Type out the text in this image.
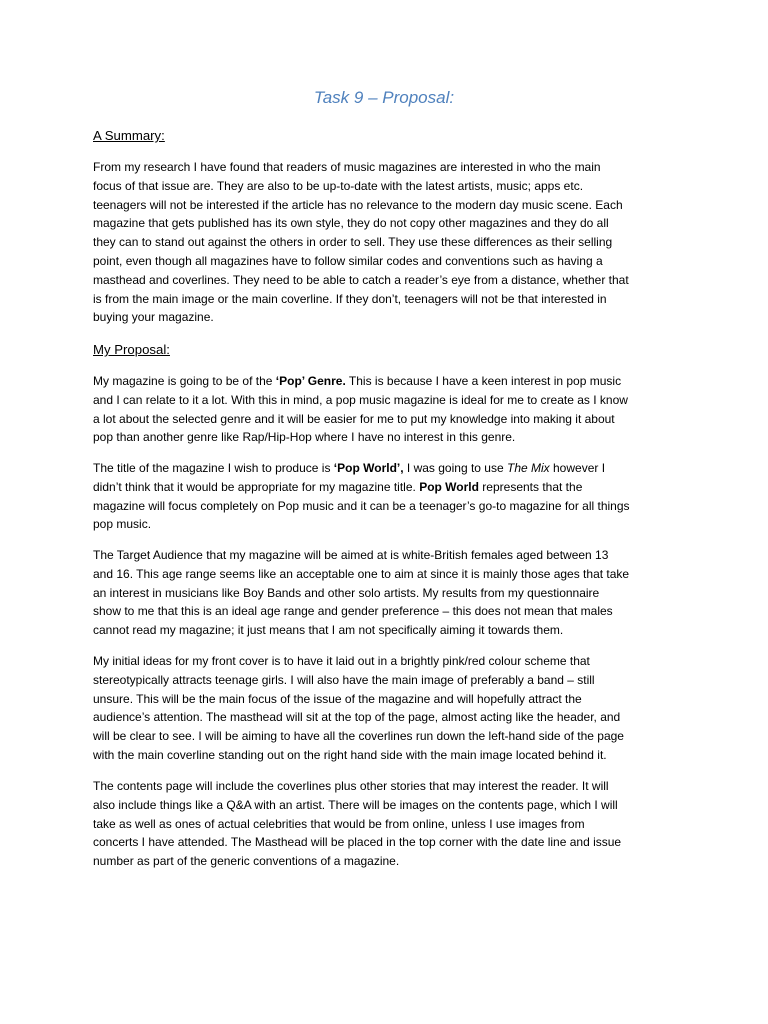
Task 9 – Proposal:
A Summary:
From my research I have found that readers of music magazines are interested in who the main
focus of that issue are. They are also to be up-to-date with the latest artists, music; apps etc.
teenagers will not be interested if the article has no relevance to the modern day music scene. Each
magazine that gets published has its own style, they do not copy other magazines and they do all
they can to stand out against the others in order to sell. They use these differences as their selling
point, even though all magazines have to follow similar codes and conventions such as having a
masthead and coverlines. They need to be able to catch a reader’s eye from a distance, whether that
is from the main image or the main coverline. If they don’t, teenagers will not be that interested in
buying your magazine.
My Proposal:
My magazine is going to be of the ‘Pop’ Genre. This is because I have a keen interest in pop music
and I can relate to it a lot. With this in mind, a pop music magazine is ideal for me to create as I know
a lot about the selected genre and it will be easier for me to put my knowledge into making it about
pop than another genre like Rap/Hip-Hop where I have no interest in this genre.
The title of the magazine I wish to produce is ‘Pop World’, I was going to use The Mix however I
didn’t think that it would be appropriate for my magazine title. Pop World represents that the
magazine will focus completely on Pop music and it can be a teenager’s go-to magazine for all things
pop music.
The Target Audience that my magazine will be aimed at is white-British females aged between 13
and 16. This age range seems like an acceptable one to aim at since it is mainly those ages that take
an interest in musicians like Boy Bands and other solo artists. My results from my questionnaire
show to me that this is an ideal age range and gender preference – this does not mean that males
cannot read my magazine; it just means that I am not specifically aiming it towards them.
My initial ideas for my front cover is to have it laid out in a brightly pink/red colour scheme that
stereotypically attracts teenage girls. I will also have the main image of preferably a band – still
unsure. This will be the main focus of the issue of the magazine and will hopefully attract the
audience’s attention. The masthead will sit at the top of the page, almost acting like the header, and
will be clear to see. I will be aiming to have all the coverlines run down the left-hand side of the page
with the main coverline standing out on the right hand side with the main image located behind it.
The contents page will include the coverlines plus other stories that may interest the reader. It will
also include things like a Q&A with an artist. There will be images on the contents page, which I will
take as well as ones of actual celebrities that would be from online, unless I use images from
concerts I have attended. The Masthead will be placed in the top corner with the date line and issue
number as part of the generic conventions of a magazine.
